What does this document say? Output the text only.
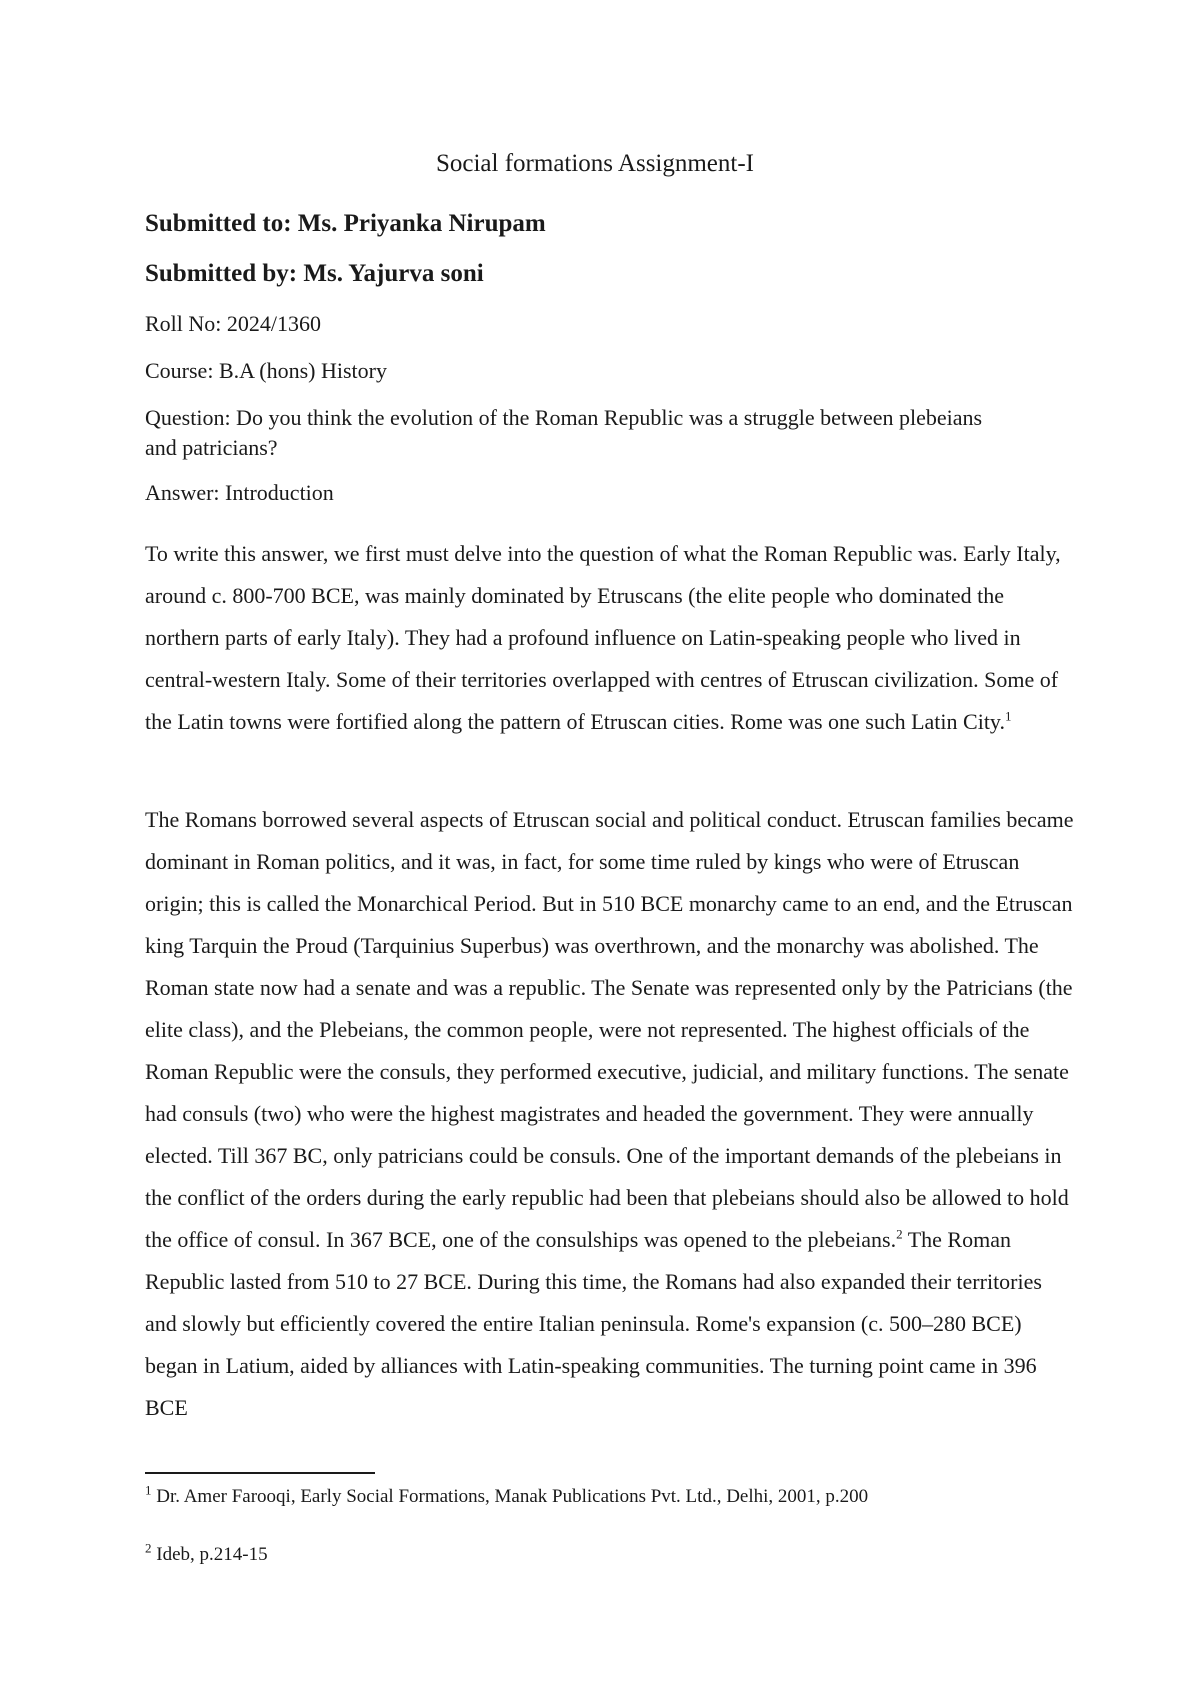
Social formations Assignment-I
Submitted to: Ms. Priyanka Nirupam
Submitted by: Ms. Yajurva soni
Roll No: 2024/1360
Course: B.A (hons) History
Question: Do you think the evolution of the Roman Republic was a struggle between plebeians and patricians?
Answer: Introduction

To write this answer, we first must delve into the question of what the Roman Republic was. Early Italy, around c. 800-700 BCE, was mainly dominated by Etruscans (the elite people who dominated the northern parts of early Italy). They had a profound influence on Latin-speaking people who lived in central-western Italy. Some of their territories overlapped with centres of Etruscan civilization. Some of the Latin towns were fortified along the pattern of Etruscan cities. Rome was one such Latin City.$^1$

The Romans borrowed several aspects of Etruscan social and political conduct. Etruscan families became dominant in Roman politics, and it was, in fact, for some time ruled by kings who were of Etruscan origin; this is called the Monarchical Period. But in 510 BCE monarchy came to an end, and the Etruscan king Tarquin the Proud (Tarquinius Superbus) was overthrown, and the monarchy was abolished. The Roman state now had a senate and was a republic. The Senate was represented only by the Patricians (the elite class), and the Plebeians, the common people, were not represented. The highest officials of the Roman Republic were the consuls, they performed executive, judicial, and military functions. The senate had consuls (two) who were the highest magistrates and headed the government. They were annually elected. Till 367 BC, only patricians could be consuls. One of the important demands of the plebeians in the conflict of the orders during the early republic had been that plebeians should also be allowed to hold the office of consul. In 367 BCE, one of the consulships was opened to the plebeians.$^2$ The Roman Republic lasted from 510 to 27 BCE. During this time, the Romans had also expanded their territories and slowly but efficiently covered the entire Italian peninsula. Rome's expansion (c. 500–280 BCE) began in Latium, aided by alliances with Latin-speaking communities. The turning point came in 396 BCE

$^1$ Dr. Amer Farooqi, Early Social Formations, Manak Publications Pvt. Ltd., Delhi, 2001, p.200
$^2$ Ideb, p.214-15
